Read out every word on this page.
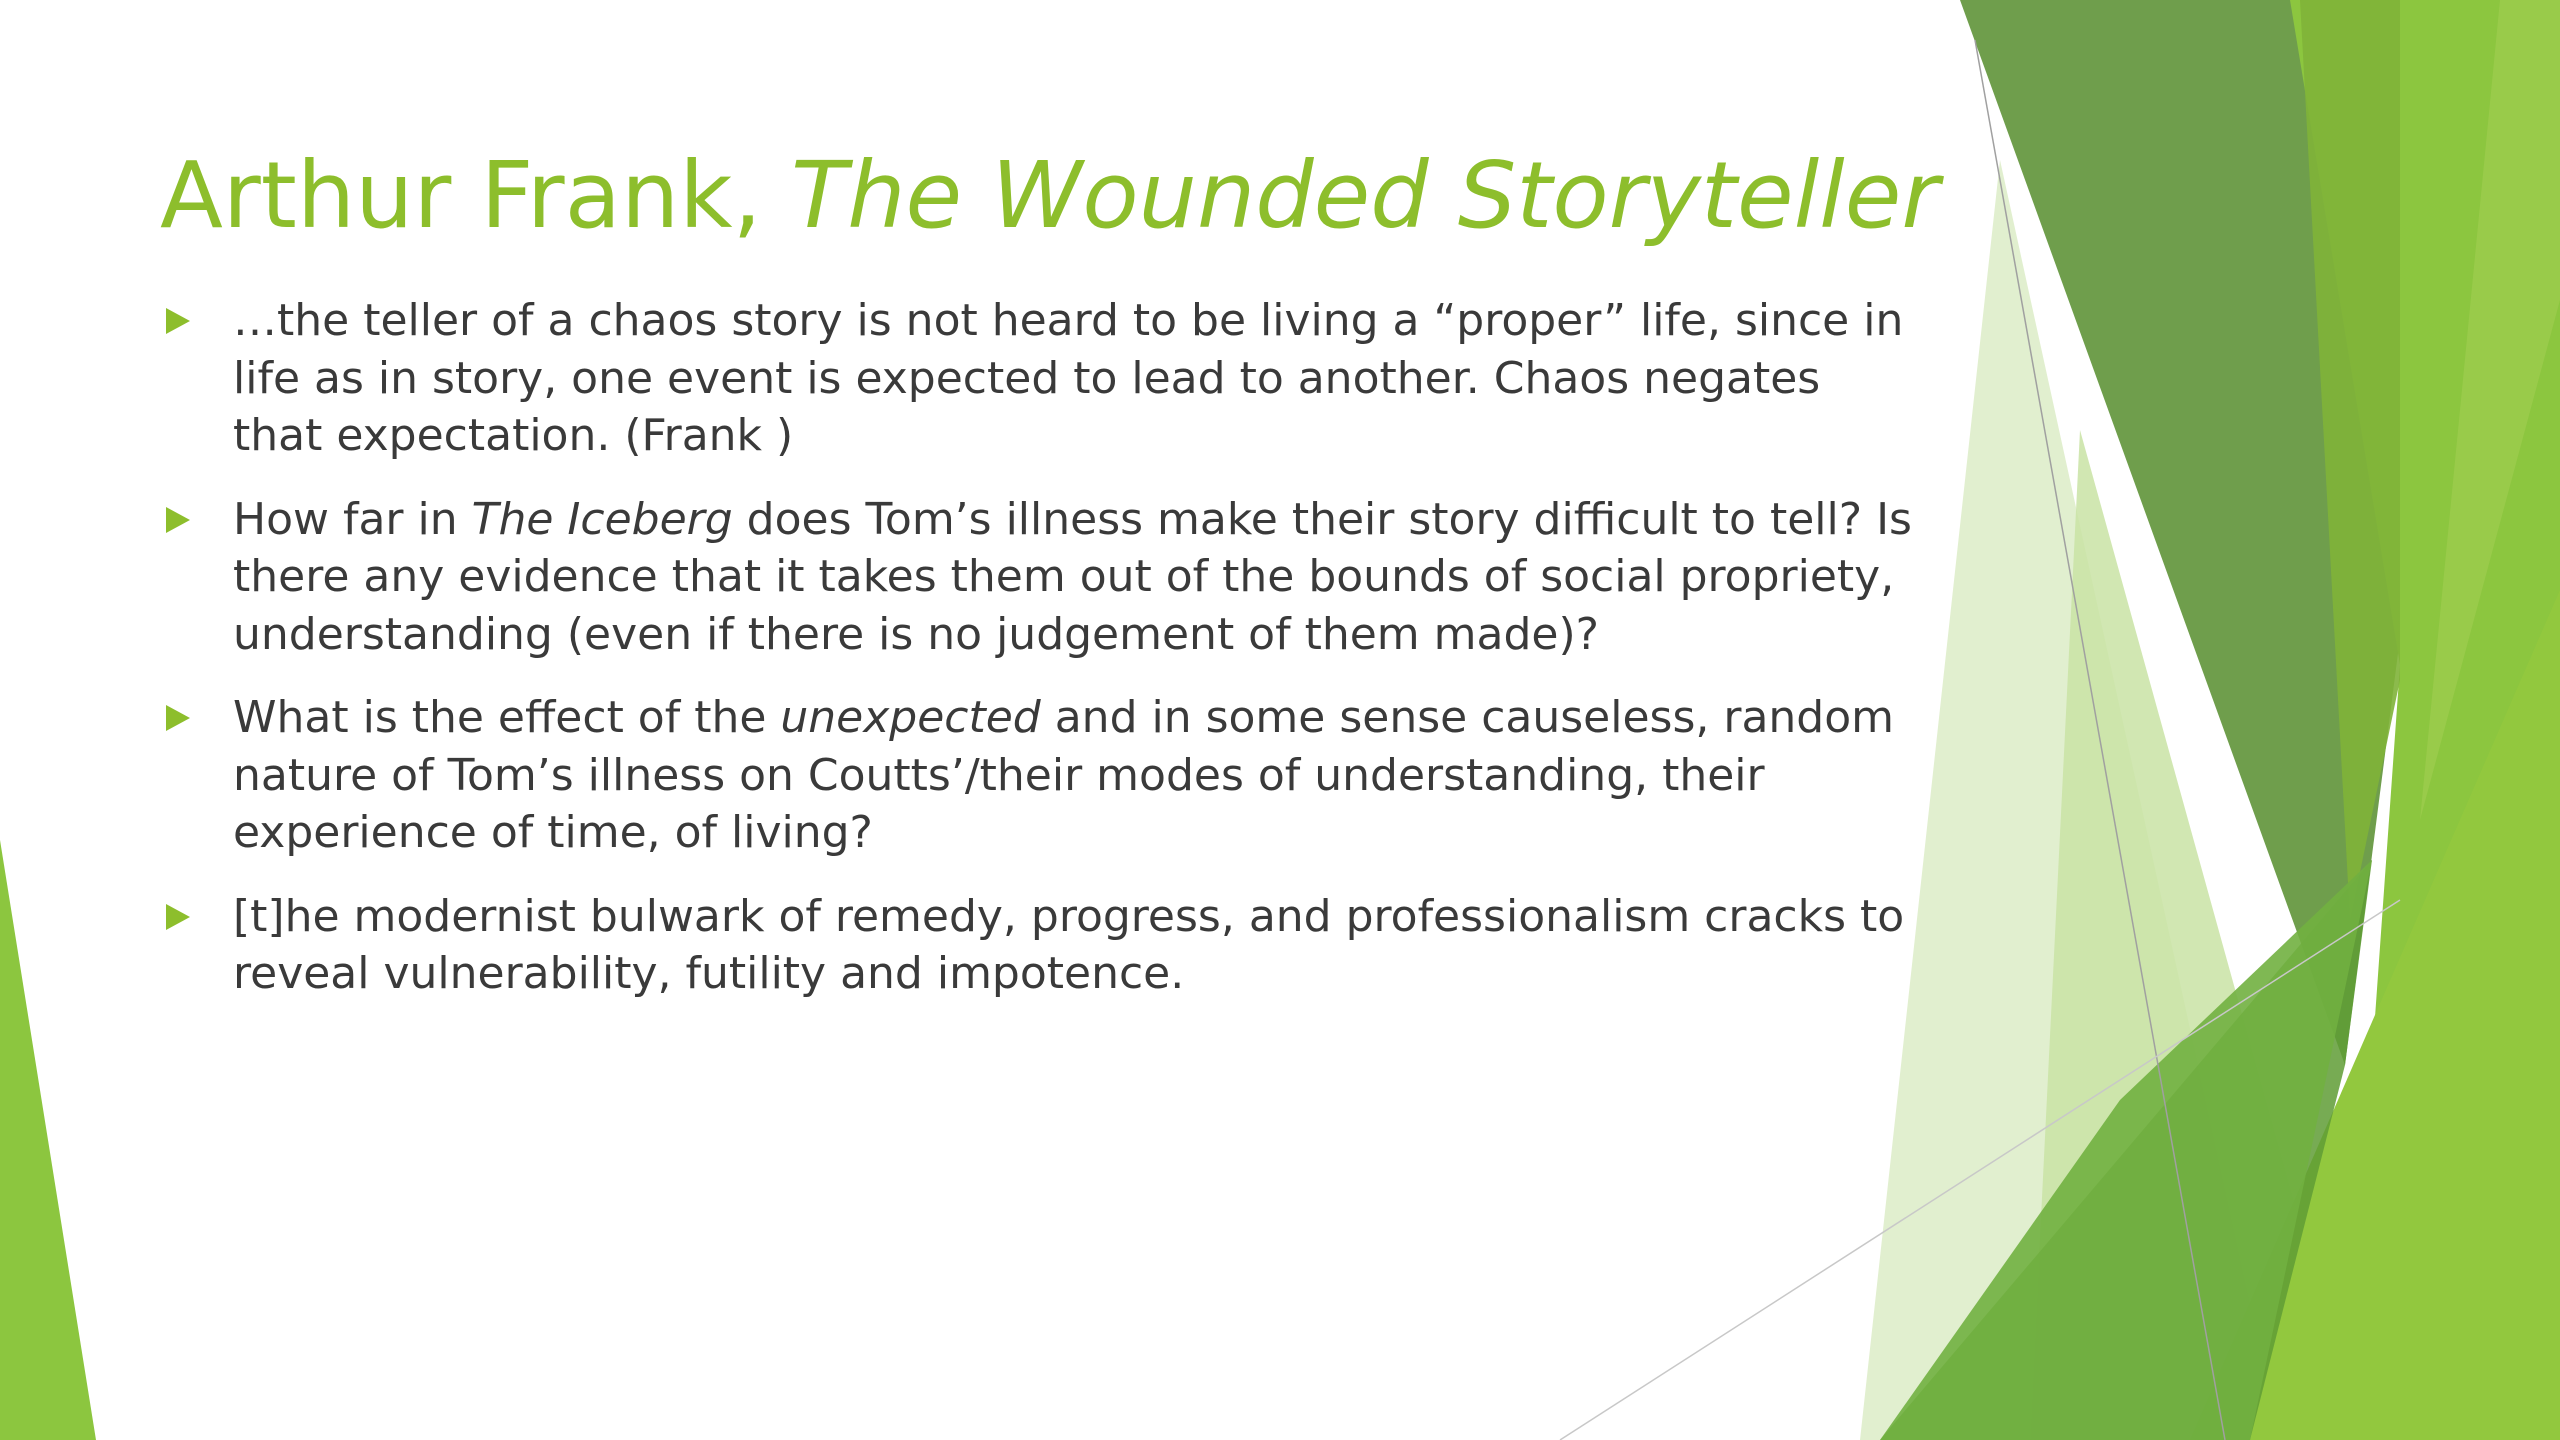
Arthur Frank, The Wounded Storyteller
…the teller of a chaos story is not heard to be living a “proper” life, since in life as in story, one event is expected to lead to another. Chaos negates that expectation. (Frank )
How far in The Iceberg does Tom’s illness make their story difficult to tell? Is there any evidence that it takes them out of the bounds of social propriety, understanding (even if there is no judgement of them made)?
What is the effect of the unexpected and in some sense causeless, random nature of Tom’s illness on Coutts’/their modes of understanding, their experience of time, of living?
[t]he modernist bulwark of remedy, progress, and professionalism cracks to reveal vulnerability, futility and impotence.
